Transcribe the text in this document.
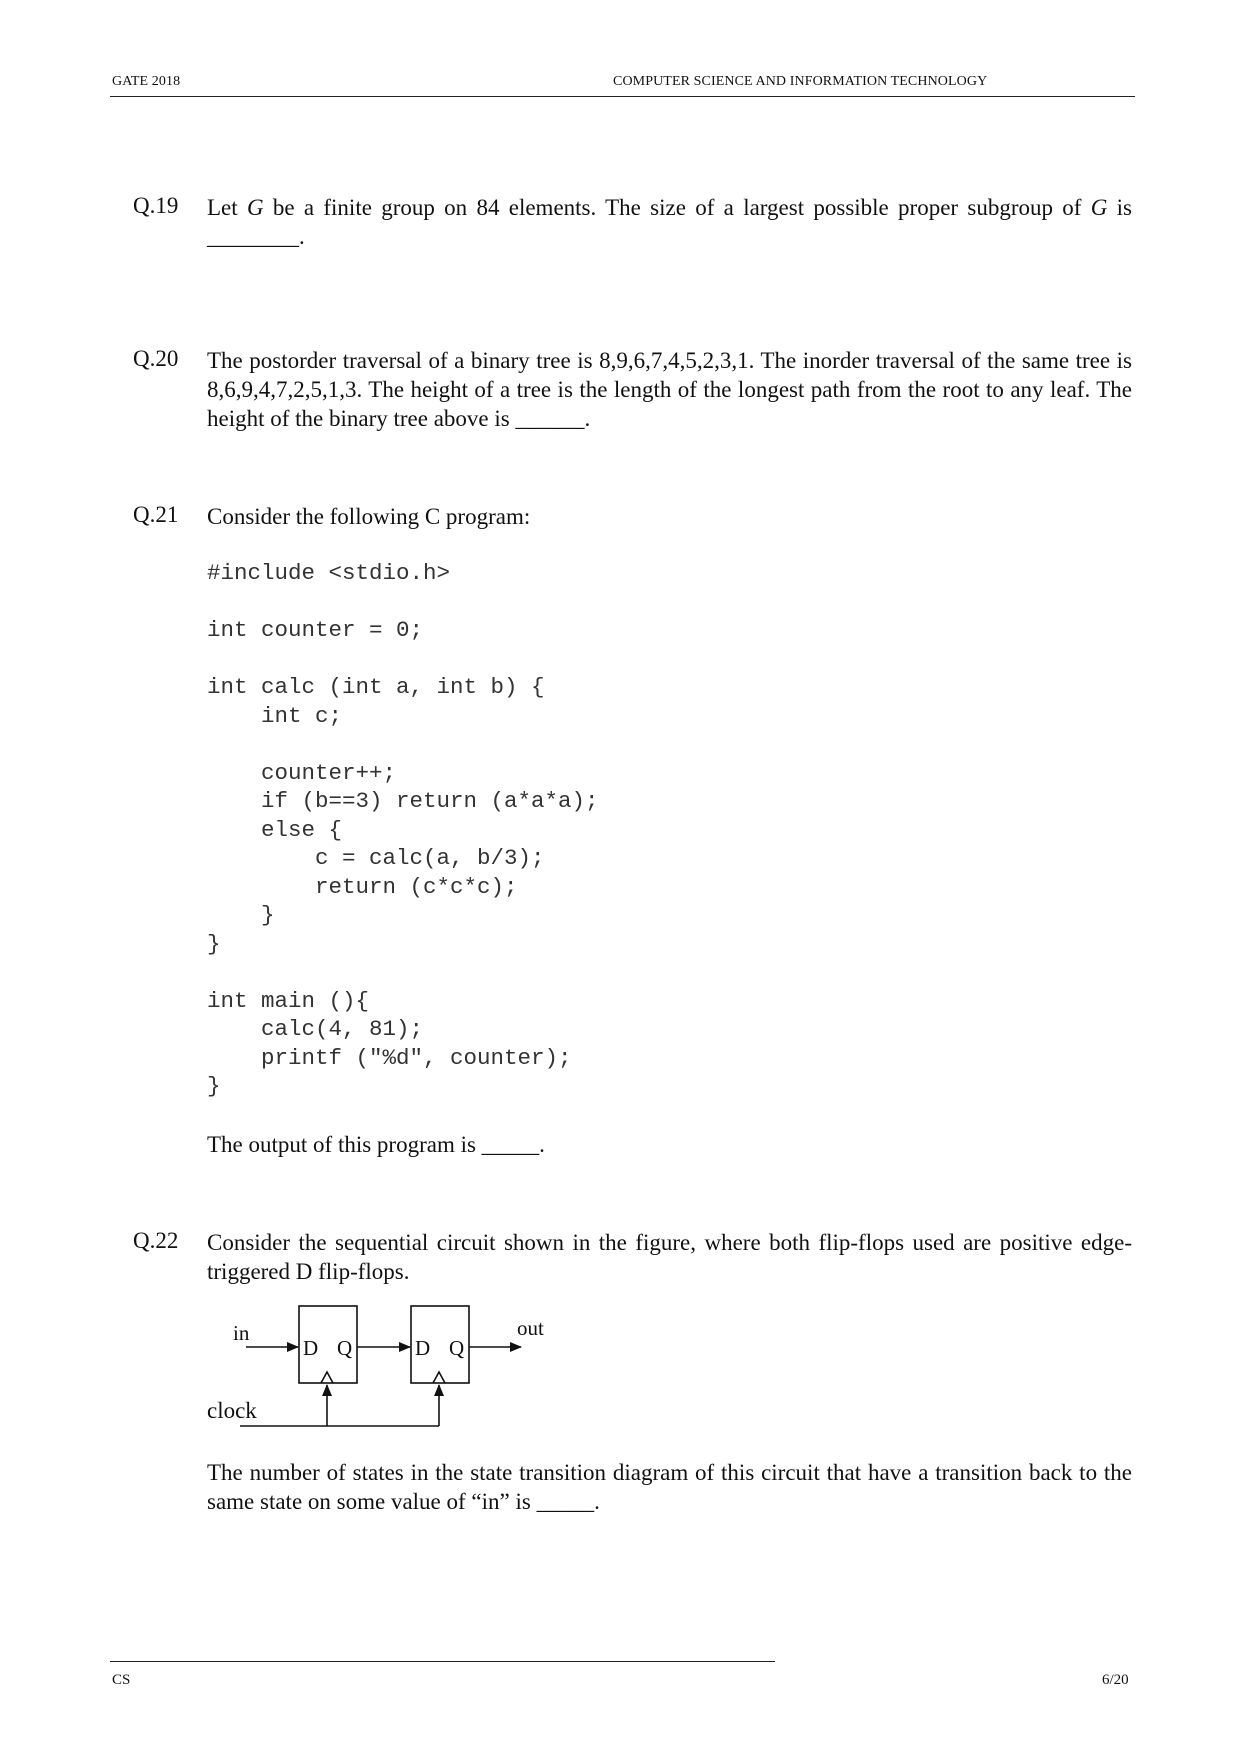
GATE 2018	COMPUTER SCIENCE AND INFORMATION TECHNOLOGY
Q.19 Let G be a finite group on 84 elements. The size of a largest possible proper subgroup of G is ________.
Q.20 The postorder traversal of a binary tree is 8,9,6,7,4,5,2,3,1. The inorder traversal of the same tree is 8,6,9,4,7,2,5,1,3. The height of a tree is the length of the longest path from the root to any leaf. The height of the binary tree above is ______.
Q.21 Consider the following C program:
#include <stdio.h>

int counter = 0;

int calc (int a, int b) {
int c;

counter++;
if (b==3) return (a*a*a);
else {
c = calc(a, b/3);
return (c*c*c);
}
}

int main (){
calc(4, 81);
printf ("%d", counter);
}
The output of this program is _____.
Q.22 Consider the sequential circuit shown in the figure, where both flip-flops used are positive edge-triggered D flip-flops.
in	out
clock
D Q	D Q
The number of states in the state transition diagram of this circuit that have a transition back to the same state on some value of “in” is _____.
CS	6/20
